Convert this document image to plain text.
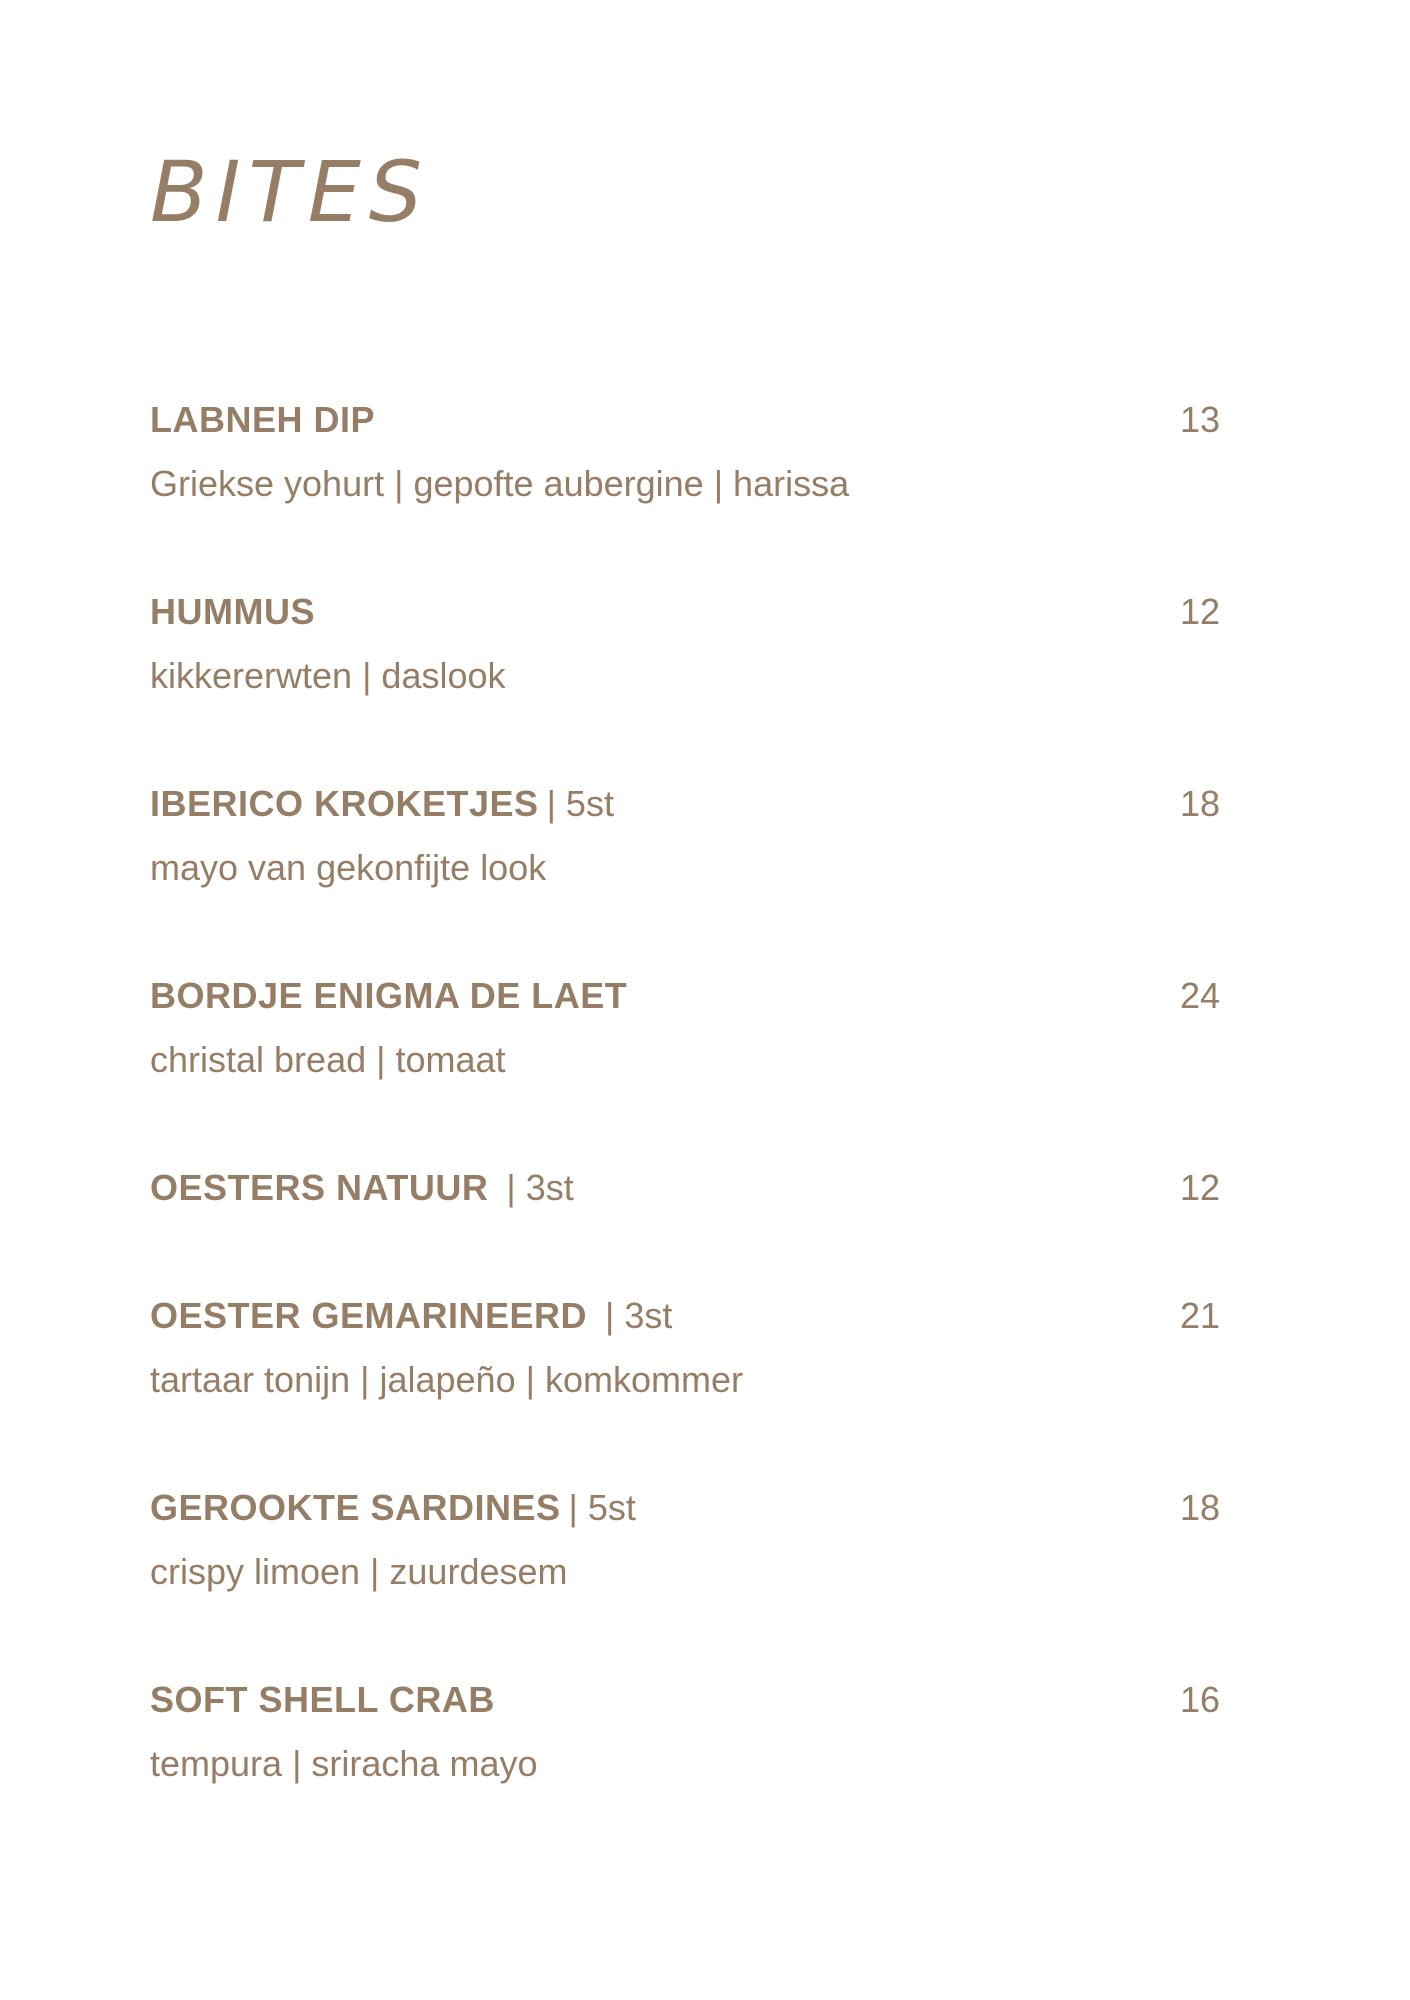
BITES
LABNEH DIP	13
Griekse yohurt | gepofte aubergine | harissa
HUMMUS	12
kikkererwten | daslook
IBERICO KROKETJES | 5st	18
mayo van gekonfijte look
BORDJE ENIGMA DE LAET	24
christal bread | tomaat
OESTERS NATUUR | 3st	12
OESTER GEMARINEERD | 3st	21
tartaar tonijn | jalapeño | komkommer
GEROOKTE SARDINES | 5st	18
crispy limoen | zuurdesem
SOFT SHELL CRAB	16
tempura | sriracha mayo
